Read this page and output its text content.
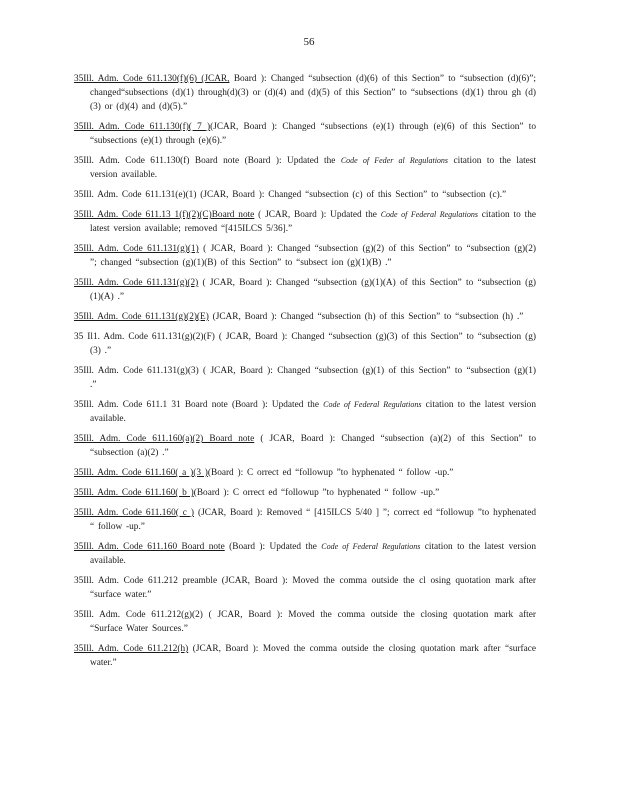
56
35Ill. Adm. Code 611.130(f)(6) (JCAR, Board ): Changed “subsection (d)(6) of this Section” to “subsection (d)(6)”; changed“subsections (d)(1) through(d)(3) or (d)(4) and (d)(5) of this Section” to “subsections (d)(1) throu gh (d)(3) or (d)(4) and (d)(5).”
35Ill. Adm. Code 611.130(f)( 7 )(JCAR, Board ): Changed “subsections (e)(1) through (e)(6) of this Section” to “subsections (e)(1) through (e)(6).”
35Ill. Adm. Code 611.130(f) Board note (Board ): Updated the Code of Feder al Regulations citation to the latest version available.
35Ill. Adm. Code 611.131(e)(1) (JCAR, Board ): Changed “subsection (c) of this Section” to “subsection (c).”
35Ill. Adm. Code 611.13 1(f)(2)(C)Board note ( JCAR, Board ): Updated the Code of Federal Regulations citation to the latest version available; removed “[415ILCS 5/36].”
35Ill. Adm. Code 611.131(g)(1) ( JCAR, Board ): Changed “subsection (g)(2) of this Section” to “subsection (g)(2) ”; changed “subsection (g)(1)(B) of this Section” to “subsect ion (g)(1)(B) .”
35Ill. Adm. Code 611.131(g)(2) ( JCAR, Board ): Changed “subsection (g)(1)(A) of this Section” to “subsection (g)(1)(A) .”
35Ill. Adm. Code 611.131(g)(2)(E) (JCAR, Board ): Changed “subsection (h) of this Section” to “subsection (h) .”
35 Il1. Adm. Code 611.131(g)(2)(F) ( JCAR, Board ): Changed “subsection (g)(3) of this Section” to “subsection (g)(3) .”
35Ill. Adm. Code 611.131(g)(3) ( JCAR, Board ): Changed “subsection (g)(1) of this Section” to “subsection (g)(1) .”
35Ill. Adm. Code 611.1 31 Board note (Board ): Updated the Code of Federal Regulations citation to the latest version available.
35Ill. Adm. Code 611.160(a)(2) Board note ( JCAR, Board ): Changed “subsection (a)(2) of this Section” to “subsection (a)(2) .”
35Ill. Adm. Code 611.160( a )(3 )(Board ): C orrect ed “followup ”to hyphenated “ follow -up.”
35Ill. Adm. Code 611.160( b )(Board ): C orrect ed “followup ”to hyphenated “ follow -up.”
35Ill. Adm. Code 611.160( c ) (JCAR, Board ): Removed “ [415ILCS 5/40 ] ”; correct ed “followup ”to hyphenated “ follow -up.”
35Ill. Adm. Code 611.160 Board note (Board ): Updated the Code of Federal Regulations citation to the latest version available.
35Ill. Adm. Code 611.212 preamble (JCAR, Board ): Moved the comma outside the cl osing quotation mark after “surface water.”
35Ill. Adm. Code 611.212(g)(2) ( JCAR, Board ): Moved the comma outside the closing quotation mark after “Surface Water Sources.”
35Ill. Adm. Code 611.212(h) (JCAR, Board ): Moved the comma outside the closing quotation mark after “surface water.”
